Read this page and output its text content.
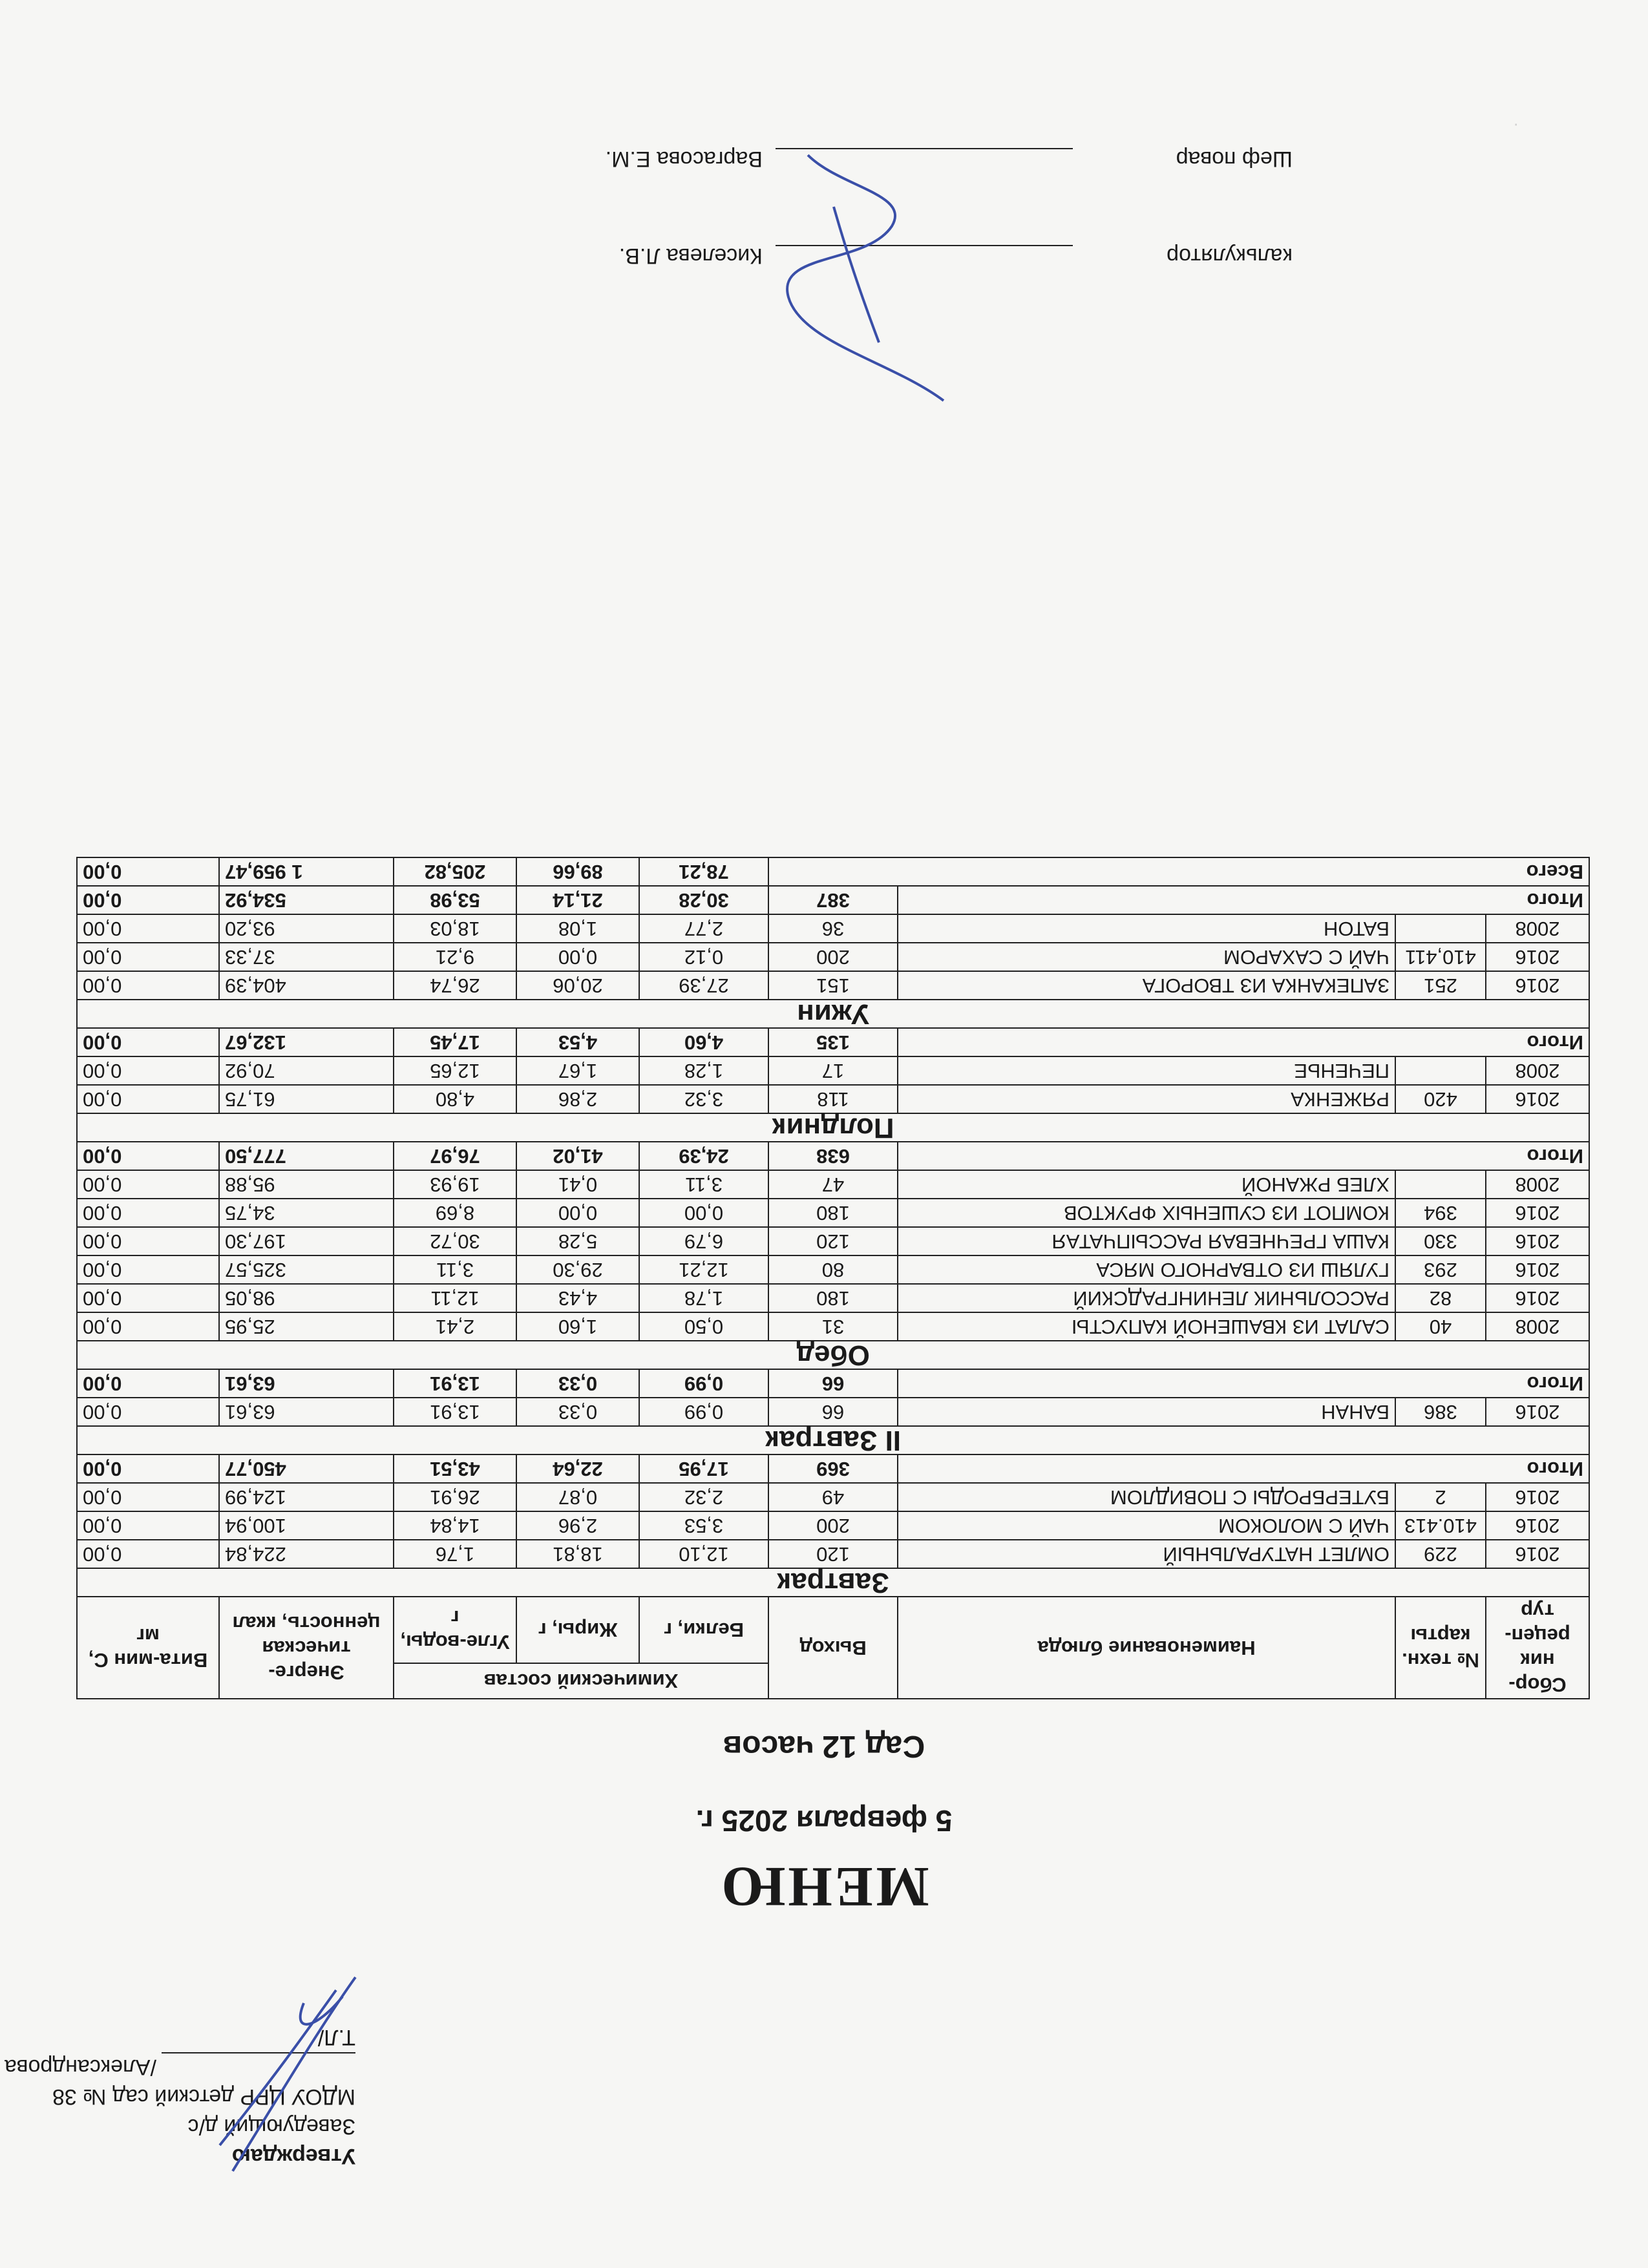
·
Утверждаю
Заведующий д/с
МДОУ ЦРР детский сад № 38
/Александрова Т.Л/
МЕНЮ
5 февраля 2025 г.
Сад 12 часов
Сбор-ник рецеп-тур	№ техн. карты	Наименование блюда	Выход	Химический состав			Энерге-тическая ценность, ккал	Вита-мин С, мг
				Белки, г	Жиры, г	Угле-воды, г		
Завтрак								
2016	229	ОМЛЕТ НАТУРАЛЬНЫЙ	120	12,10	18,81	1,76	224,84	0,00
2016	410.413	ЧАЙ С МОЛОКОМ	200	3,53	2,96	14,84	100,94	0,00
2016	2	БУТЕРБРОДЫ С ПОВИДЛОМ	49	2,32	0,87	26,91	124,99	0,00
Итого			369	17,95	22,64	43,51	450,77	0,00
II Завтрак								
2016	386	БАНАН	66	0,99	0,33	13,91	63,61	0,00
Итого			66	0,99	0,33	13,91	63,61	0,00
Обед								
2008	40	САЛАТ ИЗ КВАШЕНОЙ КАПУСТЫ	31	0,50	1,60	2,41	25,95	0,00
2016	82	РАССОЛЬНИК ЛЕНИНГРАДСКИЙ	180	1,78	4,43	12,11	98,05	0,00
2016	293	ГУЛЯШ ИЗ ОТВАРНОГО МЯСА	80	12,21	29,30	3,11	325,57	0,00
2016	330	КАША ГРЕЧНЕВАЯ РАССЫПЧАТАЯ	120	6,79	5,28	30,72	197,30	0,00
2016	394	КОМПОТ ИЗ СУШЕНЫХ ФРУКТОВ	180	0,00	0,00	8,69	34,75	0,00
2008		ХЛЕБ РЖАНОЙ	47	3,11	0,41	19,93	95,88	0,00
Итого			638	24,39	41,02	76,97	777,50	0,00
Полдник								
2016	420	РЯЖЕНКА	118	3,32	2,86	4,80	61,75	0,00
2008		ПЕЧЕНЬЕ	17	1,28	1,67	12,65	70,92	0,00
Итого			135	4,60	4,53	17,45	132,67	0,00
Ужин								
2016	251	ЗАПЕКАНКА ИЗ ТВОРОГА	151	27,39	20,06	26,74	404,39	0,00
2016	410,411	ЧАЙ С САХАРОМ	200	0,12	0,00	9,21	37,33	0,00
2008		БАТОН	36	2,77	1,08	18,03	93,20	0,00
Итого			387	30,28	21,14	53,98	534,92	0,00
Всего				78,21	89,66	205,82	1 959,47	0,00
калькулятор
Киселева Л.В.
Шеф повар
Варгасова Е.М.
